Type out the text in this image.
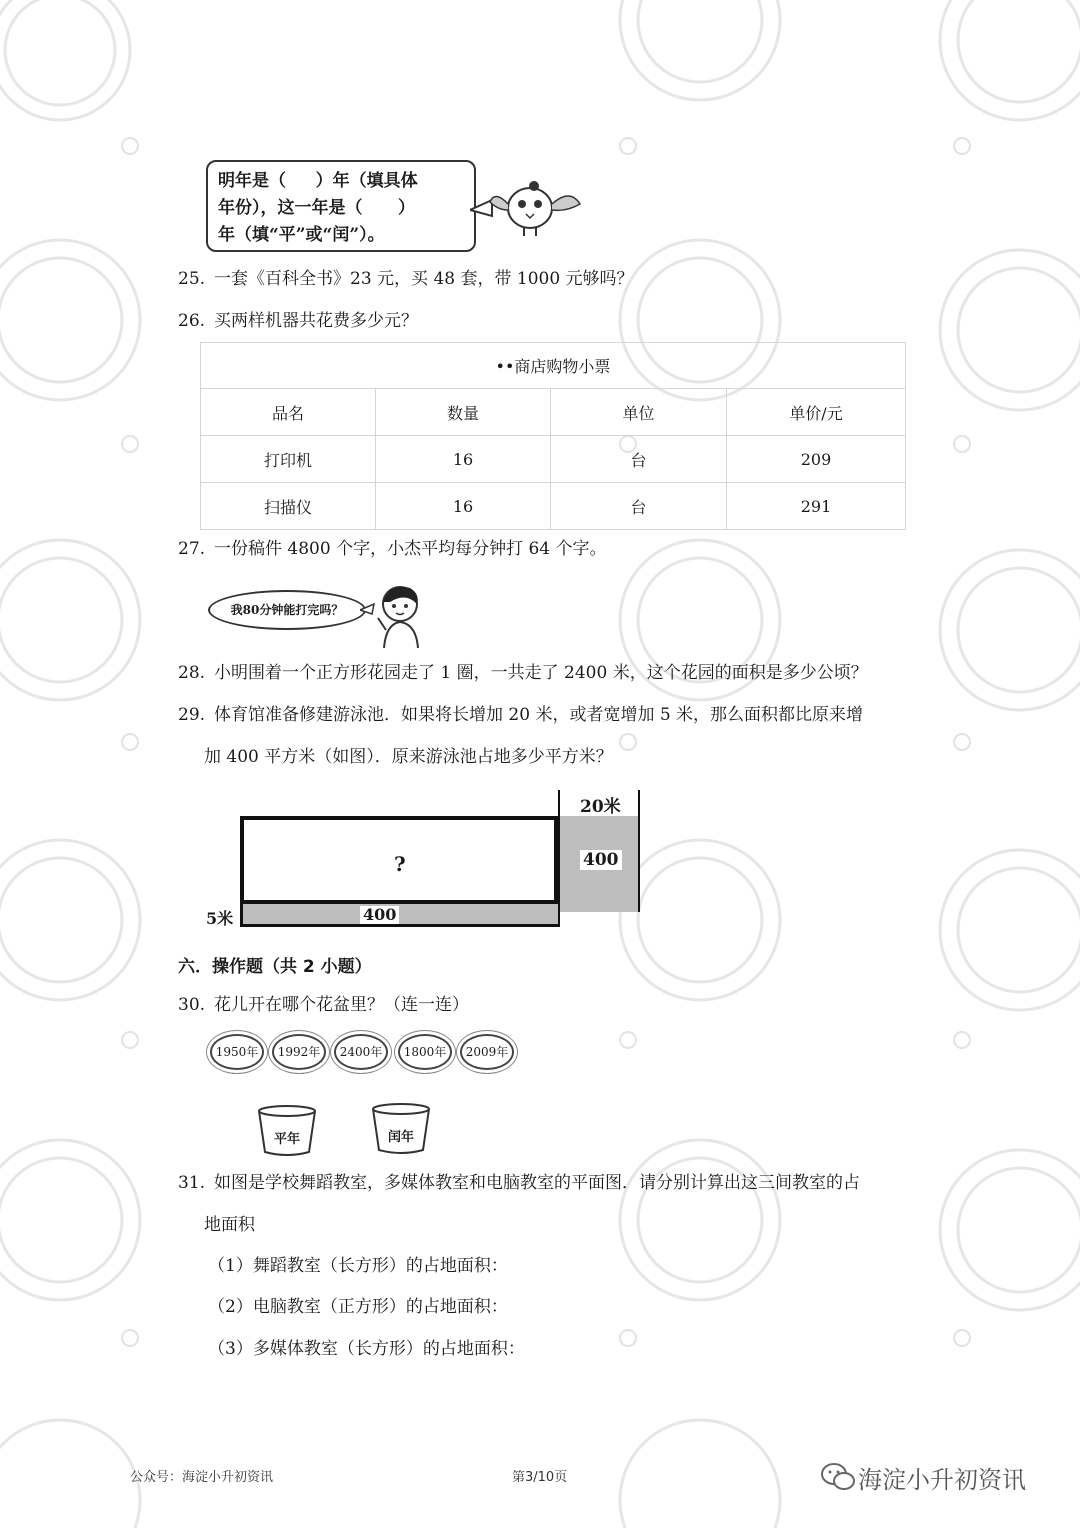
明年是（     ）年（填具体
年份），这一年是（      ）
年（填“平”或“闰”）。
25. 一套《百科全书》23 元，买 48 套，带 1000 元够吗？
26. 买两样机器共花费多少元？
••商店购物小票			
品名	数量	单位	单价/元
打印机	16	台	209
扫描仪	16	台	291
27. 一份稿件 4800 个字，小杰平均每分钟打 64 个字。
我80分钟能打完吗？
28. 小明围着一个正方形花园走了 1 圈，一共走了 2400 米，这个花园的面积是多少公顷？
29. 体育馆准备修建游泳池．如果将长增加 20 米，或者宽增加 5 米，那么面积都比原来增
加 400 平方米（如图）．原来游泳池占地多少平方米？
20米
5米
400
400
?
六．操作题（共 2 小题）
30. 花儿开在哪个花盆里？（连一连）
1950年	1992年	2400年	1800年	2009年
平年	闰年
31. 如图是学校舞蹈教室，多媒体教室和电脑教室的平面图．请分别计算出这三间教室的占
地面积
（1）舞蹈教室（长方形）的占地面积：
（2）电脑教室（正方形）的占地面积：
（3）多媒体教室（长方形）的占地面积：
公众号：海淀小升初资讯	第3/10页	海淀小升初资讯
